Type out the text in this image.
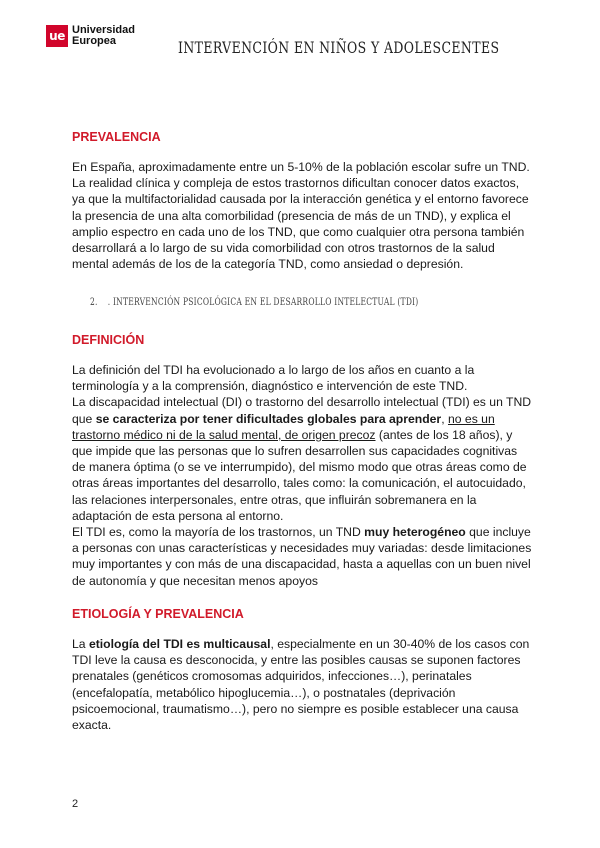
ue Universidad
Europea	INTERVENCIÓN EN NIÑOS Y ADOLESCENTES
PREVALENCIA

En España, aproximadamente entre un 5-10% de la población escolar sufre un TND. La realidad clínica y compleja de estos trastornos dificultan conocer datos exactos, ya que la multifactorialidad causada por la interacción genética y el entorno favorece la presencia de una alta comorbilidad (presencia de más de un TND), y explica el amplio espectro en cada uno de los TND, que como cualquier otra persona también desarrollará a lo largo de su vida comorbilidad con otros trastornos de la salud mental además de los de la categoría TND, como ansiedad o depresión.

2. . INTERVENCIÓN PSICOLÓGICA EN EL DESARROLLO INTELECTUAL (TDI)
DEFINICIÓN

La definición del TDI ha evolucionado a lo largo de los años en cuanto a la terminología y a la comprensión, diagnóstico e intervención de este TND.

La discapacidad intelectual (DI) o trastorno del desarrollo intelectual (TDI) es un TND que se caracteriza por tener dificultades globales para aprender, no es un trastorno médico ni de la salud mental, de origen precoz (antes de los 18 años), y que impide que las personas que lo sufren desarrollen sus capacidades cognitivas de manera óptima (o se ve interrumpido), del mismo modo que otras áreas como de otras áreas importantes del desarrollo, tales como: la comunicación, el autocuidado, las relaciones interpersonales, entre otras, que influirán sobremanera en la adaptación de esta persona al entorno.

El TDI es, como la mayoría de los trastornos, un TND muy heterogéneo que incluye a personas con unas características y necesidades muy variadas: desde limitaciones muy importantes y con más de una discapacidad, hasta a aquellas con un buen nivel de autonomía y que necesitan menos apoyos

ETIOLOGÍA Y PREVALENCIA

La etiología del TDI es multicausal, especialmente en un 30-40% de los casos con TDI leve la causa es desconocida, y entre las posibles causas se suponen factores prenatales (genéticos cromosomas adquiridos, infecciones…), perinatales (encefalopatía, metabólico hipoglucemia…), o postnatales (deprivación psicoemocional, traumatismo…), pero no siempre es posible establecer una causa exacta.

2
